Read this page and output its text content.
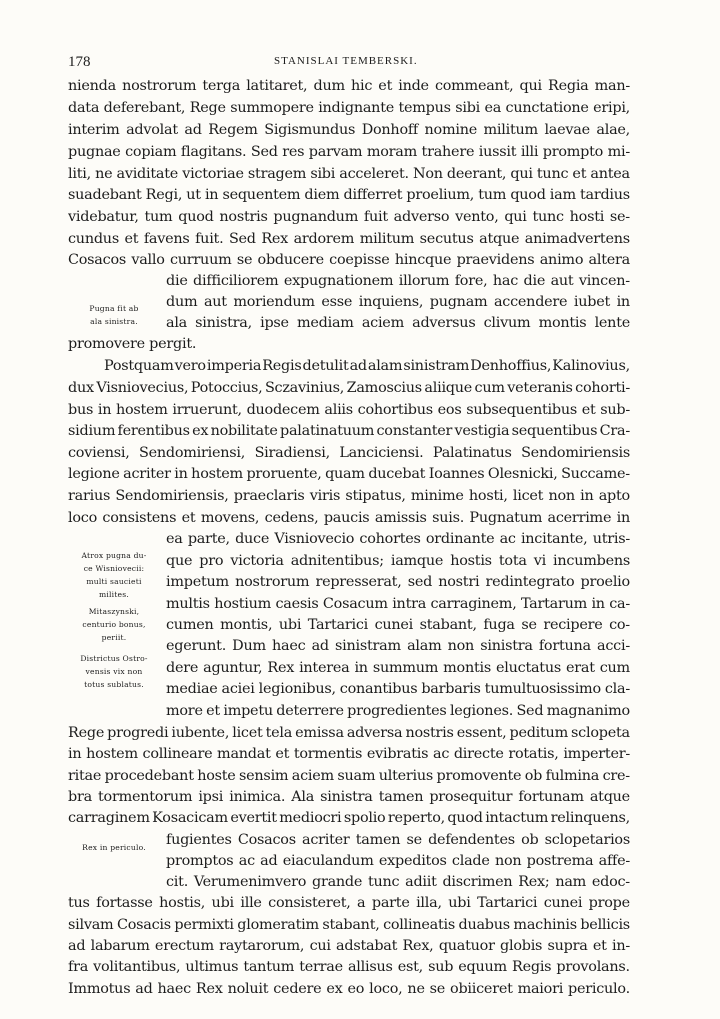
178	STANISLAI TEMBERSKI.
nienda nostrorum terga latitaret, dum hic et inde commeant, qui Regia man-
data deferebant, Rege summopere indignante tempus sibi ea cunctatione eripi,
interim advolat ad Regem Sigismundus Donhoff nomine militum laevae alae,
pugnae copiam flagitans. Sed res parvam moram trahere iussit illi prompto mi-
liti, ne aviditate victoriae stragem sibi acceleret. Non deerant, qui tunc et antea
suadebant Regi, ut in sequentem diem differret proelium, tum quod iam tardius
videbatur, tum quod nostris pugnandum fuit adverso vento, qui tunc hosti se-
cundus et favens fuit. Sed Rex ardorem militum secutus atque animadvertens
Cosacos vallo curruum se obducere coepisse hincque praevidens animo altera
die difficiliorem expugnationem illorum fore, hac die aut vincen-
dum aut moriendum esse inquiens, pugnam accendere iubet in
ala sinistra, ipse mediam aciem adversus clivum montis lente
promovere pergit.
Postquam vero imperia Regis detulit ad alam sinistram Denhoffius, Kalinovius,
dux Visniovecius, Potoccius, Sczavinius, Zamoscius aliique cum veteranis cohorti-
bus in hostem irruerunt, duodecem aliis cohortibus eos subsequentibus et sub-
sidium ferentibus ex nobilitate palatinatuum constanter vestigia sequentibus Cra-
coviensi, Sendomiriensi, Siradiensi, Lanciciensi. Palatinatus Sendomiriensis
legione acriter in hostem proruente, quam ducebat Ioannes Olesnicki, Succame-
rarius Sendomiriensis, praeclaris viris stipatus, minime hosti, licet non in apto
loco consistens et movens, cedens, paucis amissis suis. Pugnatum acerrime in
ea parte, duce Visniovecio cohortes ordinante ac incitante, utris-
que pro victoria adnitentibus; iamque hostis tota vi incumbens
impetum nostrorum represserat, sed nostri redintegrato proelio
multis hostium caesis Cosacum intra carraginem, Tartarum in ca-
cumen montis, ubi Tartarici cunei stabant, fuga se recipere co-
egerunt. Dum haec ad sinistram alam non sinistra fortuna acci-
dere aguntur, Rex interea in summum montis eluctatus erat cum
mediae aciei legionibus, conantibus barbaris tumultuosissimo cla-
more et impetu deterrere progredientes legiones. Sed magnanimo
Rege progredi iubente, licet tela emissa adversa nostris essent, peditum sclopeta
in hostem collineare mandat et tormentis evibratis ac directe rotatis, imperter-
ritae procedebant hoste sensim aciem suam ulterius promovente ob fulmina cre-
bra tormentorum ipsi inimica. Ala sinistra tamen prosequitur fortunam atque
carraginem Kosacicam evertit mediocri spolio reperto, quod intactum relinquens,
fugientes Cosacos acriter tamen se defendentes ob sclopetarios
promptos ac ad eiaculandum expeditos clade non postrema affe-
cit. Verumenimvero grande tunc adiit discrimen Rex; nam edoc-
tus fortasse hostis, ubi ille consisteret, a parte illa, ubi Tartarici cunei prope
silvam Cosacis permixti glomeratim stabant, collineatis duabus machinis bellicis
ad labarum erectum raytarorum, cui adstabat Rex, quatuor globis supra et in-
fra volitantibus, ultimus tantum terrae allisus est, sub equum Regis provolans.
Immotus ad haec Rex noluit cedere ex eo loco, ne se obiiceret maiori periculo.
Pugna fit ab
ala sinistra.
Atrox pugna du-
ce Wisniovecii:
multi saucieti
milites.
Mitaszynski,
centurio bonus,
periit.
Districtus Ostro-
vensis vix non
totus sublatus.
Rex in periculo.
